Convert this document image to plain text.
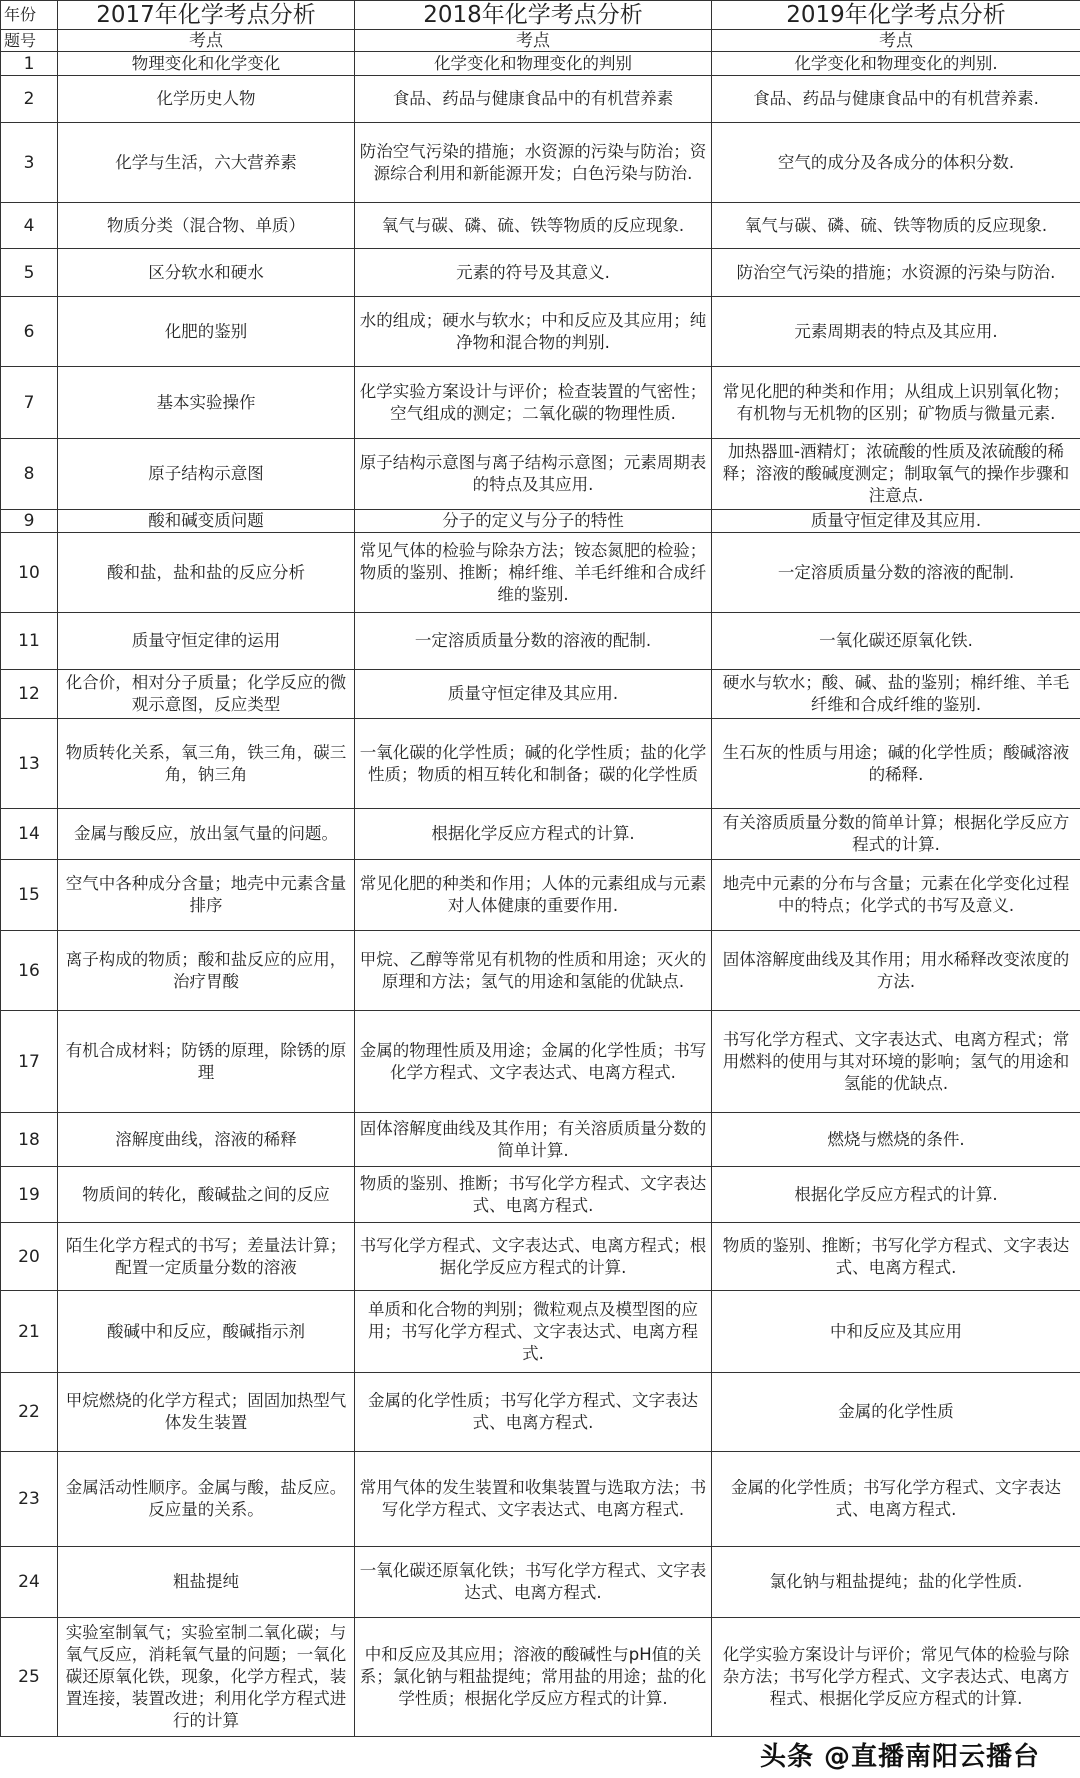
年份	2017年化学考点分析	2018年化学考点分析	2019年化学考点分析
题号	考点	考点	考点
1	物理变化和化学变化	化学变化和物理变化的判别	化学变化和物理变化的判别.
2	化学历史人物	食品、药品与健康食品中的有机营养素	食品、药品与健康食品中的有机营养素.
3	化学与生活，六大营养素	防治空气污染的措施；水资源的污染与防治；资源综合利用和新能源开发；白色污染与防治.	空气的成分及各成分的体积分数.
4	物质分类（混合物、单质）	氧气与碳、磷、硫、铁等物质的反应现象.	氧气与碳、磷、硫、铁等物质的反应现象.
5	区分软水和硬水	元素的符号及其意义.	防治空气污染的措施；水资源的污染与防治.
6	化肥的鉴别	水的组成；硬水与软水；中和反应及其应用；纯净物和混合物的判别.	元素周期表的特点及其应用.
7	基本实验操作	化学实验方案设计与评价；检查装置的气密性；空气组成的测定；二氧化碳的物理性质.	常见化肥的种类和作用；从组成上识别氧化物；有机物与无机物的区别；矿物质与微量元素.
8	原子结构示意图	原子结构示意图与离子结构示意图；元素周期表的特点及其应用.	加热器皿-酒精灯；浓硫酸的性质及浓硫酸的稀释；溶液的酸碱度测定；制取氧气的操作步骤和注意点.
9	酸和碱变质问题	分子的定义与分子的特性	质量守恒定律及其应用.
10	酸和盐，盐和盐的反应分析	常见气体的检验与除杂方法；铵态氮肥的检验；物质的鉴别、推断；棉纤维、羊毛纤维和合成纤维的鉴别.	一定溶质质量分数的溶液的配制.
11	质量守恒定律的运用	一定溶质质量分数的溶液的配制.	一氧化碳还原氧化铁.
12	化合价，相对分子质量；化学反应的微观示意图，反应类型	质量守恒定律及其应用.	硬水与软水；酸、碱、盐的鉴别；棉纤维、羊毛纤维和合成纤维的鉴别.
13	物质转化关系，氧三角，铁三角，碳三角，钠三角	一氧化碳的化学性质；碱的化学性质；盐的化学性质；物质的相互转化和制备；碳的化学性质	生石灰的性质与用途；碱的化学性质；酸碱溶液的稀释.
14	金属与酸反应，放出氢气量的问题。	根据化学反应方程式的计算.	有关溶质质量分数的简单计算；根据化学反应方程式的计算.
15	空气中各种成分含量；地壳中元素含量排序	常见化肥的种类和作用；人体的元素组成与元素对人体健康的重要作用.	地壳中元素的分布与含量；元素在化学变化过程中的特点；化学式的书写及意义.
16	离子构成的物质；酸和盐反应的应用，治疗胃酸	甲烷、乙醇等常见有机物的性质和用途；灭火的原理和方法；氢气的用途和氢能的优缺点.	固体溶解度曲线及其作用；用水稀释改变浓度的方法.
17	有机合成材料；防锈的原理，除锈的原理	金属的物理性质及用途；金属的化学性质；书写化学方程式、文字表达式、电离方程式.	书写化学方程式、文字表达式、电离方程式；常用燃料的使用与其对环境的影响；氢气的用途和氢能的优缺点.
18	溶解度曲线，溶液的稀释	固体溶解度曲线及其作用；有关溶质质量分数的简单计算.	燃烧与燃烧的条件.
19	物质间的转化，酸碱盐之间的反应	物质的鉴别、推断；书写化学方程式、文字表达式、电离方程式.	根据化学反应方程式的计算.
20	陌生化学方程式的书写；差量法计算；配置一定质量分数的溶液	书写化学方程式、文字表达式、电离方程式；根据化学反应方程式的计算.	物质的鉴别、推断；书写化学方程式、文字表达式、电离方程式.
21	酸碱中和反应，酸碱指示剂	单质和化合物的判别；微粒观点及模型图的应用；书写化学方程式、文字表达式、电离方程式.	中和反应及其应用
22	甲烷燃烧的化学方程式；固固加热型气体发生装置	金属的化学性质；书写化学方程式、文字表达式、电离方程式.	金属的化学性质
23	金属活动性顺序。金属与酸，盐反应。反应量的关系。	常用气体的发生装置和收集装置与选取方法；书写化学方程式、文字表达式、电离方程式.	金属的化学性质；书写化学方程式、文字表达式、电离方程式.
24	粗盐提纯	一氧化碳还原氧化铁；书写化学方程式、文字表达式、电离方程式.	氯化钠与粗盐提纯；盐的化学性质.
25	实验室制氧气；实验室制二氧化碳；与氧气反应，消耗氧气量的问题；一氧化碳还原氧化铁，现象，化学方程式，装置连接，装置改进；利用化学方程式进行的计算	中和反应及其应用；溶液的酸碱性与pH值的关系；氯化钠与粗盐提纯；常用盐的用途；盐的化学性质；根据化学反应方程式的计算.	化学实验方案设计与评价；常见气体的检验与除杂方法；书写化学方程式、文字表达式、电离方程式、根据化学反应方程式的计算.
头条 @直播南阳云播台
